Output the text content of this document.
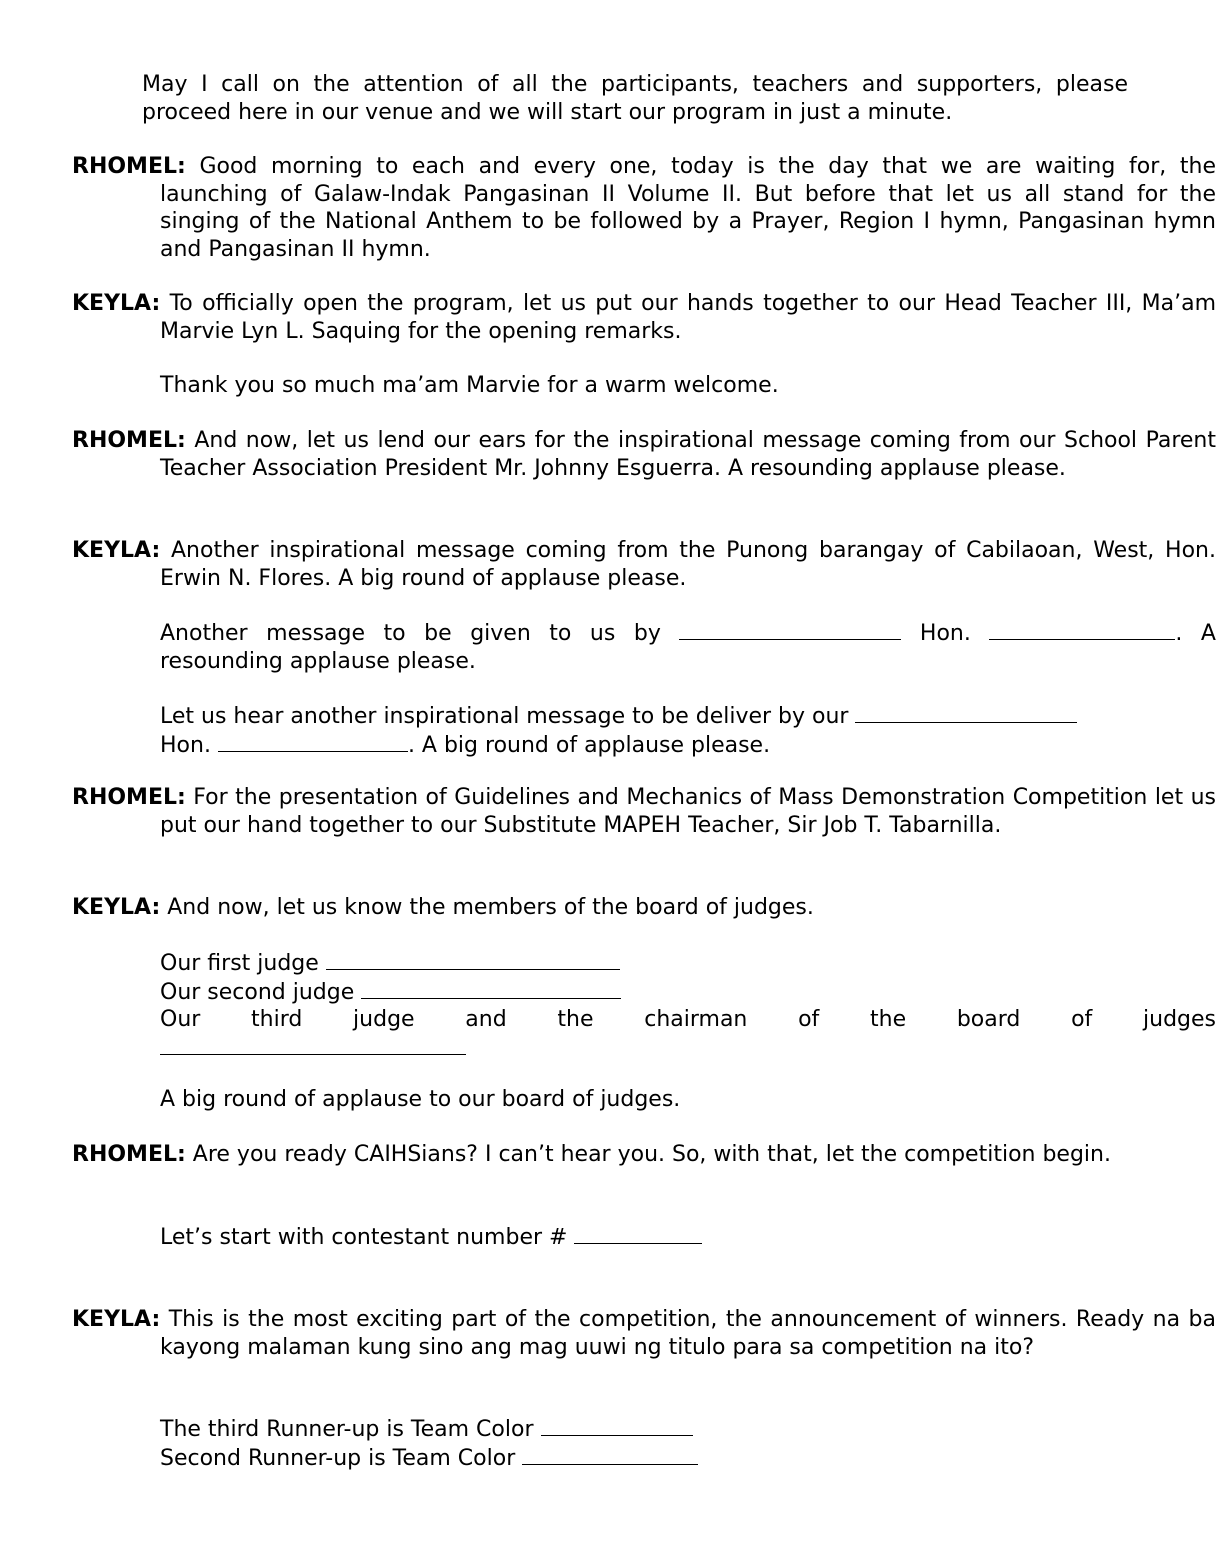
May I call on the attention of all the participants, teachers and supporters, please proceed here in our venue and we will start our program in just a minute.
RHOMEL: Good morning to each and every one, today is the day that we are waiting for, the launching of Galaw-Indak Pangasinan II Volume II. But before that let us all stand for the singing of the National Anthem to be followed by a Prayer, Region I hymn, Pangasinan hymn and Pangasinan II hymn.
KEYLA: To officially open the program, let us put our hands together to our Head Teacher III, Ma’am Marvie Lyn L. Saquing for the opening remarks.
Thank you so much ma’am Marvie for a warm welcome.
RHOMEL: And now, let us lend our ears for the inspirational message coming from our School Parent Teacher Association President Mr. Johnny Esguerra. A resounding applause please.
KEYLA: Another inspirational message coming from the Punong barangay of Cabilaoan, West, Hon. Erwin N. Flores. A big round of applause please.
Another message to be given to us by	Hon.	. A resounding applause please.
Let us hear another inspirational message to be deliver by our
Hon.	. A big round of applause please.
RHOMEL: For the presentation of Guidelines and Mechanics of Mass Demonstration Competition let us put our hand together to our Substitute MAPEH Teacher, Sir Job T. Tabarnilla.
KEYLA: And now, let us know the members of the board of judges.
Our first judge
Our second judge
Our third judge and the chairman of the board of judges
A big round of applause to our board of judges.
RHOMEL: Are you ready CAIHSians? I can’t hear you. So, with that, let the competition begin.
Let’s start with contestant number #
KEYLA: This is the most exciting part of the competition, the announcement of winners. Ready na ba kayong malaman kung sino ang mag uuwi ng titulo para sa competition na ito?
The third Runner-up is Team Color
Second Runner-up is Team Color
